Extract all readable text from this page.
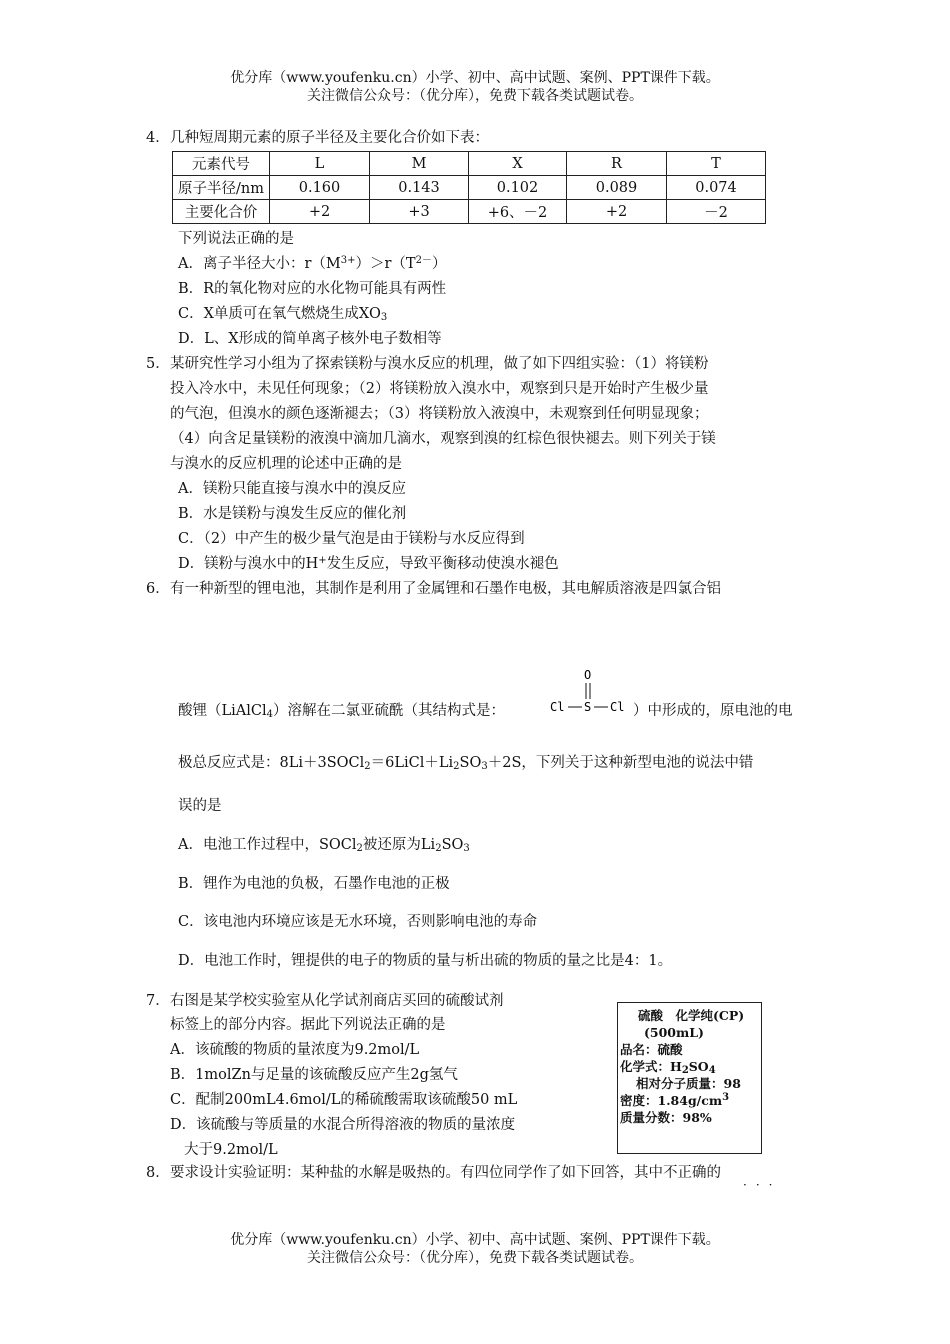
优分库（www.youfenku.cn）小学、初中、高中试题、案例、PPT课件下载。
关注微信公众号：（优分库），免费下载各类试题试卷。
4． 几种短周期元素的原子半径及主要化合价如下表：
元素代号	L	M	X	R	T
原子半径/nm	0.160	0.143	0.102	0.089	0.074
主要化合价	+2	+3	+6、－2	+2	－2
下列说法正确的是
A．离子半径大小：$r(M^{3+})>r(T^{2-})$
B．R的氧化物对应的水化物可能具有两性
C．X单质可在氧气燃烧生成$XO_3$
D．L、X形成的简单离子核外电子数相等
5． 某研究性学习小组为了探索镁粉与溴水反应的机理，做了如下四组实验：（1）将镁粉
投入冷水中，未见任何现象；（2）将镁粉放入溴水中，观察到只是开始时产生极少量
的气泡，但溴水的颜色逐渐褪去；（3）将镁粉放入液溴中，未观察到任何明显现象；
（4）向含足量镁粉的液溴中滴加几滴水，观察到溴的红棕色很快褪去。则下列关于镁
与溴水的反应机理的论述中正确的是
A．镁粉只能直接与溴水中的溴反应
B．水是镁粉与溴发生反应的催化剂
C．（2）中产生的极少量气泡是由于镁粉与水反应得到
D．镁粉与溴水中的H+发生反应，导致平衡移动使溴水褪色
6． 有一种新型的锂电池，其制作是利用了金属锂和石墨作电极，其电解质溶液是四氯合铝
酸锂（LiAlCl$_4$）溶解在二氯亚硫酰（其结构式是：
O
Cl S Cl ）中形成的，原电池的电
极总反应式是：$8Li+3SOCl_2=6LiCl+Li_2SO_3+2S$，下列关于这种新型电池的说法中错
误的是
A．电池工作过程中，SOCl$_2$被还原为$Li_2SO_3$
B．锂作为电池的负极，石墨作电池的正极
C．该电池内环境应该是无水环境，否则影响电池的寿命
D．电池工作时，锂提供的电子的物质的量与析出硫的物质的量之比是4：1。
7． 右图是某学校实验室从化学试剂商店买回的硫酸试剂
标签上的部分内容。据此下列说法正确的是
A．该硫酸的物质的量浓度为9.2mol/L
B．1molZn与足量的该硫酸反应产生2g氢气
C．配制200mL4.6mol/L的稀硫酸需取该硫酸50 mL
D．该硫酸与等质量的水混合所得溶液的物质的量浓度
大于9.2mol/L
硫酸　化学纯(CP)
(500mL)
品名：硫酸
化学式：$H_2SO_4$
相对分子质量：98
密度：$1.84g/cm^3$
质量分数：98%
8． 要求设计实验证明：某种盐的水解是吸热的。有四位同学作了如下回答，其中不正确的
···
优分库（www.youfenku.cn）小学、初中、高中试题、案例、PPT课件下载。
关注微信公众号：（优分库），免费下载各类试题试卷。
